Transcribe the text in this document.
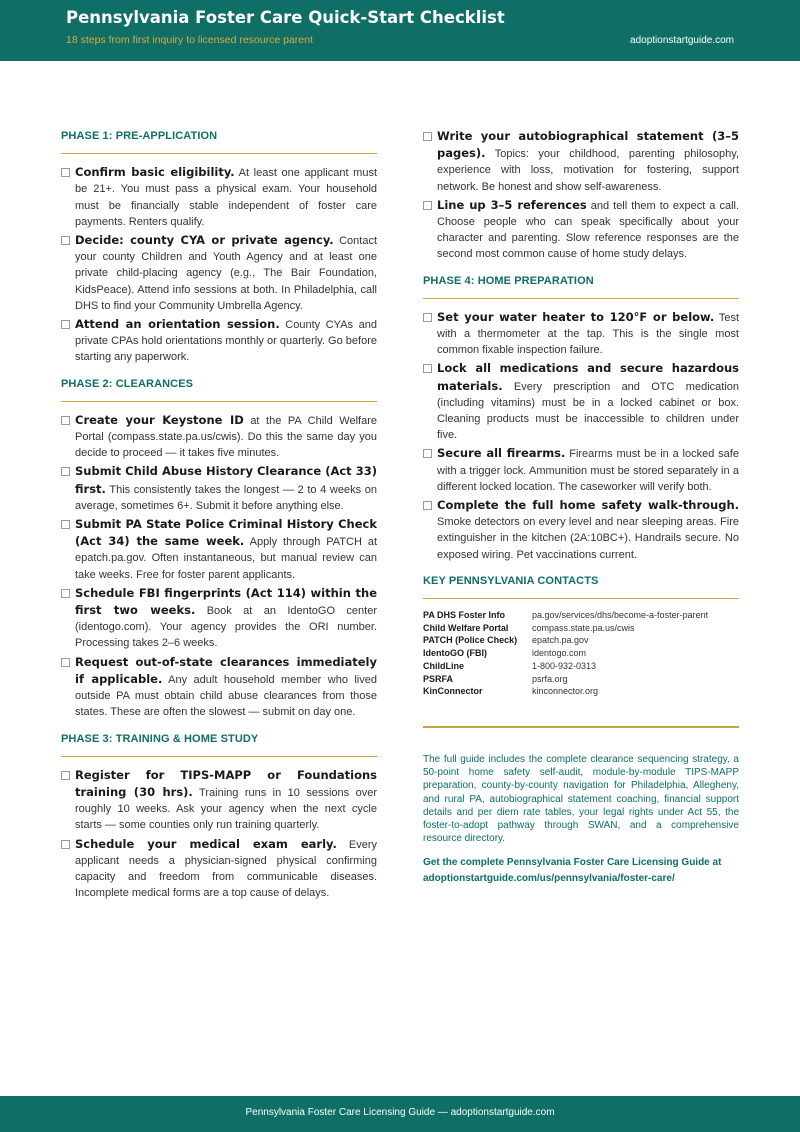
Pennsylvania Foster Care Quick-Start Checklist
18 steps from first inquiry to licensed resource parent	adoptionstartguide.com
PHASE 1: PRE-APPLICATION
Confirm basic eligibility. At least one applicant must be 21+. You must pass a physical exam. Your household must be financially stable independent of foster care payments. Renters qualify.
Decide: county CYA or private agency. Contact your county Children and Youth Agency and at least one private child-placing agency (e.g., The Bair Foundation, KidsPeace). Attend info sessions at both. In Philadelphia, call DHS to find your Community Umbrella Agency.
Attend an orientation session. County CYAs and private CPAs hold orientations monthly or quarterly. Go before starting any paperwork.
PHASE 2: CLEARANCES
Create your Keystone ID at the PA Child Welfare Portal (compass.state.pa.us/cwis). Do this the same day you decide to proceed — it takes five minutes.
Submit Child Abuse History Clearance (Act 33) first. This consistently takes the longest — 2 to 4 weeks on average, sometimes 6+. Submit it before anything else.
Submit PA State Police Criminal History Check (Act 34) the same week. Apply through PATCH at epatch.pa.gov. Often instantaneous, but manual review can take weeks. Free for foster parent applicants.
Schedule FBI fingerprints (Act 114) within the first two weeks. Book at an IdentoGO center (identogo.com). Your agency provides the ORI number. Processing takes 2–6 weeks.
Request out-of-state clearances immediately if applicable. Any adult household member who lived outside PA must obtain child abuse clearances from those states. These are often the slowest — submit on day one.
PHASE 3: TRAINING & HOME STUDY
Register for TIPS-MAPP or Foundations training (30 hrs). Training runs in 10 sessions over roughly 10 weeks. Ask your agency when the next cycle starts — some counties only run training quarterly.
Schedule your medical exam early. Every applicant needs a physician-signed physical confirming capacity and freedom from communicable diseases. Incomplete medical forms are a top cause of delays.
Write your autobiographical statement (3–5 pages). Topics: your childhood, parenting philosophy, experience with loss, motivation for fostering, support network. Be honest and show self-awareness.
Line up 3–5 references and tell them to expect a call. Choose people who can speak specifically about your character and parenting. Slow reference responses are the second most common cause of home study delays.
PHASE 4: HOME PREPARATION
Set your water heater to 120°F or below. Test with a thermometer at the tap. This is the single most common fixable inspection failure.
Lock all medications and secure hazardous materials. Every prescription and OTC medication (including vitamins) must be in a locked cabinet or box. Cleaning products must be inaccessible to children under five.
Secure all firearms. Firearms must be in a locked safe with a trigger lock. Ammunition must be stored separately in a different locked location. The caseworker will verify both.
Complete the full home safety walk-through. Smoke detectors on every level and near sleeping areas. Fire extinguisher in the kitchen (2A:10BC+). Handrails secure. No exposed wiring. Pet vaccinations current.
KEY PENNSYLVANIA CONTACTS
PA DHS Foster Info	pa.gov/services/dhs/become-a-foster-parent
Child Welfare Portal	compass.state.pa.us/cwis
PATCH (Police Check)	epatch.pa.gov
IdentoGO (FBI)	identogo.com
ChildLine	1-800-932-0313
PSRFA	psrfa.org
KinConnector	kinconnector.org
The full guide includes the complete clearance sequencing strategy, a 50-point home safety self-audit, module-by-module TIPS-MAPP preparation, county-by-county navigation for Philadelphia, Allegheny, and rural PA, autobiographical statement coaching, financial support details and per diem rate tables, your legal rights under Act 55, the foster-to-adopt pathway through SWAN, and a comprehensive resource directory.
Get the complete Pennsylvania Foster Care Licensing Guide at adoptionstartguide.com/us/pennsylvania/foster-care/
Pennsylvania Foster Care Licensing Guide — adoptionstartguide.com
